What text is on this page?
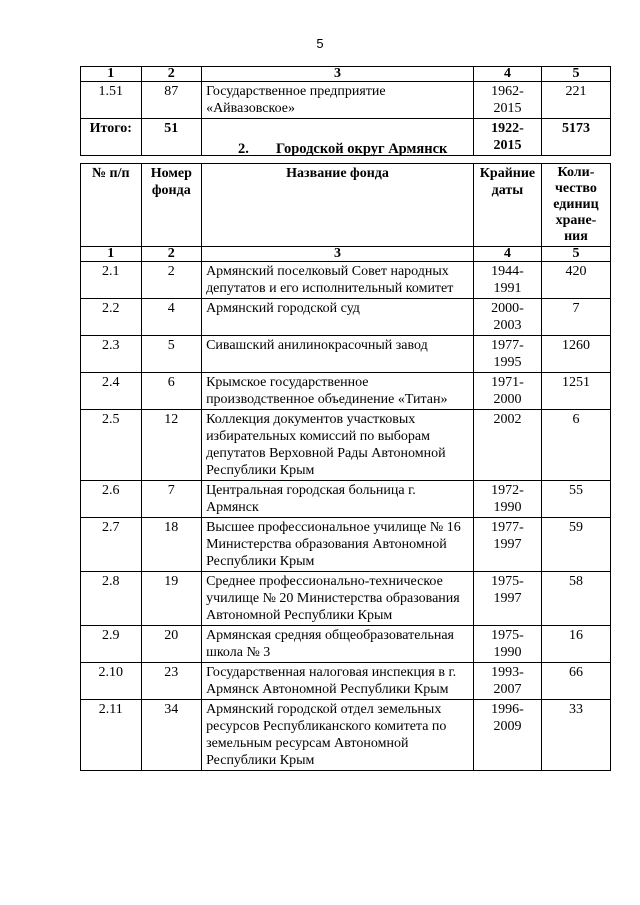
5
1	2	3	4	5
1.51	87	Государственное предприятие «Айвазовское»	1962-2015	221
Итого:	51		1922-2015	5173
2. Городской округ Армянск
№ п/п	Номер фонда	Название фонда	Крайние даты	Коли-чество единиц хране-ния
1	2	3	4	5
2.1	2	Армянский поселковый Совет народных депутатов и его исполнительный комитет	1944-1991	420
2.2	4	Армянский городской суд	2000-2003	7
2.3	5	Сивашский анилинокрасочный завод	1977-1995	1260
2.4	6	Крымское государственное производственное объединение «Титан»	1971-2000	1251
2.5	12	Коллекция документов участковых избирательных комиссий по выборам депутатов Верховной Рады Автономной Республики Крым	2002	6
2.6	7	Центральная городская больница г. Армянск	1972-1990	55
2.7	18	Высшее профессиональное училище № 16 Министерства образования Автономной Республики Крым	1977-1997	59
2.8	19	Среднее профессионально-техническое училище № 20 Министерства образования Автономной Республики Крым	1975-1997	58
2.9	20	Армянская средняя общеобразовательная школа № 3	1975-1990	16
2.10	23	Государственная налоговая инспекция в г. Армянск Автономной Республики Крым	1993-2007	66
2.11	34	Армянский городской отдел земельных ресурсов Республиканского комитета по земельным ресурсам Автономной Республики Крым	1996-2009	33
